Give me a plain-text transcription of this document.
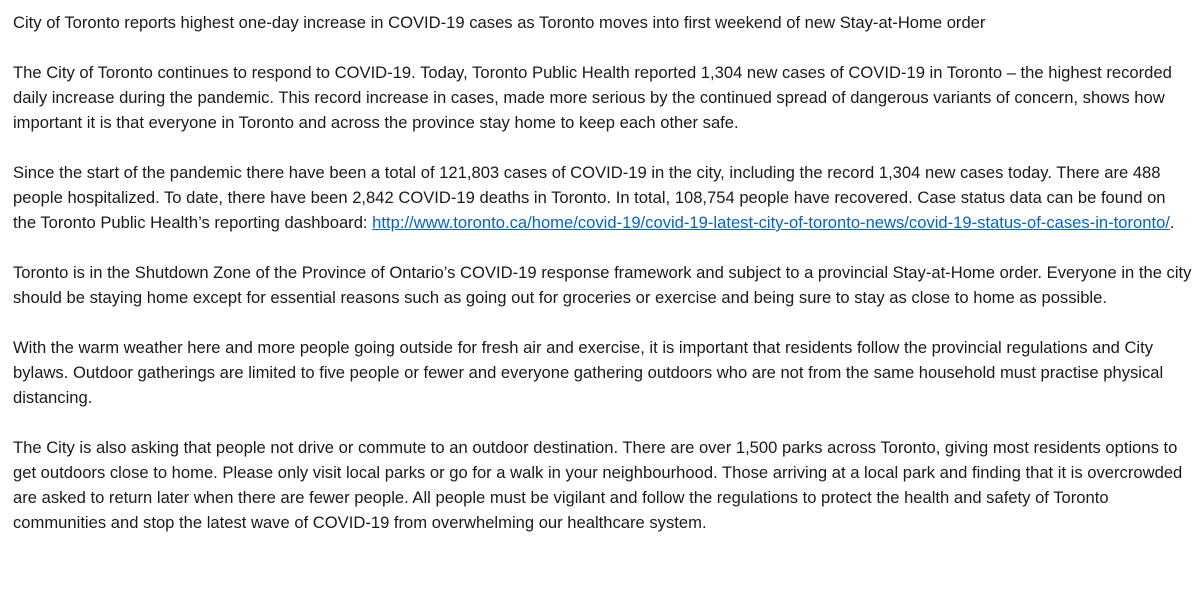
City of Toronto reports highest one-day increase in COVID-19 cases as Toronto moves into first weekend of new Stay-at-Home order

The City of Toronto continues to respond to COVID-19. Today, Toronto Public Health reported 1,304 new cases of COVID-19 in Toronto – the highest recorded daily increase during the pandemic. This record increase in cases, made more serious by the continued spread of dangerous variants of concern, shows how important it is that everyone in Toronto and across the province stay home to keep each other safe.

Since the start of the pandemic there have been a total of 121,803 cases of COVID-19 in the city, including the record 1,304 new cases today. There are 488 people hospitalized. To date, there have been 2,842 COVID-19 deaths in Toronto. In total, 108,754 people have recovered. Case status data can be found on the Toronto Public Health’s reporting dashboard: http://www.toronto.ca/home/covid-19/covid-19-latest-city-of-toronto-news/covid-19-status-of-cases-in-toronto/.

Toronto is in the Shutdown Zone of the Province of Ontario’s COVID-19 response framework and subject to a provincial Stay-at-Home order. Everyone in the city should be staying home except for essential reasons such as going out for groceries or exercise and being sure to stay as close to home as possible.

With the warm weather here and more people going outside for fresh air and exercise, it is important that residents follow the provincial regulations and City bylaws. Outdoor gatherings are limited to five people or fewer and everyone gathering outdoors who are not from the same household must practise physical distancing.

The City is also asking that people not drive or commute to an outdoor destination. There are over 1,500 parks across Toronto, giving most residents options to get outdoors close to home. Please only visit local parks or go for a walk in your neighbourhood. Those arriving at a local park and finding that it is overcrowded are asked to return later when there are fewer people. All people must be vigilant and follow the regulations to protect the health and safety of Toronto communities and stop the latest wave of COVID-19 from overwhelming our healthcare system.
